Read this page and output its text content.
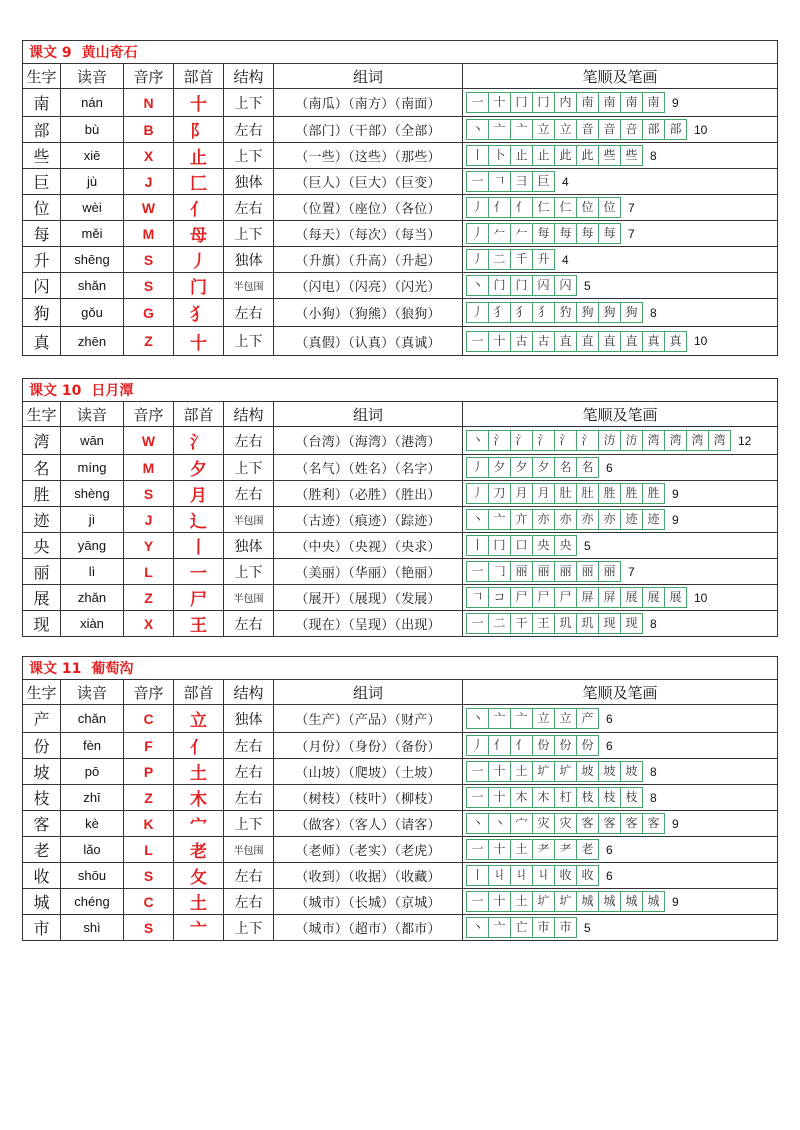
课文 9 黄山奇石						
生字	读音	音序	部首	结构	组词	笔顺及笔画
南	nán	N	十	上下	（南瓜）（南方）（南面）	一 十 冂 冂 内 南 南 南 南 9
部	bù	B	阝	左右	（部门）（干部）（全部）	丶 亠 亠 立 立 音 音 咅 部 部 10
些	xiē	X	止	上下	（一些）（这些）（那些）	丨 卜 止 止 此 此 些 些 8
巨	jù	J	匚	独体	（巨人）（巨大）（巨变）	一 𠃍 彐 巨 4
位	wèi	W	亻	左右	（位置）（座位）（各位）	丿 亻 亻 仁 仁 位 位 7
每	měi	M	母	上下	（每天）（每次）（每当）	丿 𠂉 𠂉 每 每 每 每 7
升	shēng	S	丿	独体	（升旗）（升高）（升起）	丿 二 千 升 4
闪	shǎn	S	门	半包围	（闪电）（闪亮）（闪光）	丶 门 门 闪 闪 5
狗	gǒu	G	犭	左右	（小狗）（狗熊）（狼狗）	丿 犭 犭 犭 犳 狗 狗 狗 8
真	zhēn	Z	十	上下	（真假）（认真）（真诚）	一 十 古 古 直 直 直 直 真 真 10
课文 10 日月潭						
生字	读音	音序	部首	结构	组词	笔顺及笔画
湾	wān	W	氵	左右	（台湾）（海湾）（港湾）	丶 氵 氵 氵 氵 氵 汸 汸 湾 湾 湾 湾 12
名	míng	M	夕	上下	（名气）（姓名）（名字）	丿 夕 夕 夕 名 名 6
胜	shèng	S	月	左右	（胜利）（必胜）（胜出）	丿 刀 月 月 肚 肚 胜 胜 胜 9
迹	jì	J	辶	半包围	（古迹）（痕迹）（踪迹）	丶 亠 亣 亦 亦 亦 亦 迹 迹 9
央	yāng	Y	丨	独体	（中央）（央视）（央求）	丨 冂 口 央 央 5
丽	lì	L	一	上下	（美丽）（华丽）（艳丽）	一 𠃌 丽 丽 丽 丽 丽 7
展	zhǎn	Z	尸	半包围	（展开）（展现）（发展）	𠃍 コ 尸 尸 尸 屏 屏 展 展 展 10
现	xiàn	X	王	左右	（现在）（呈现）（出现）	一 二 干 王 玑 玑 现 现 8
课文 11 葡萄沟						
生字	读音	音序	部首	结构	组词	笔顺及笔画
产	chǎn	C	立	独体	（生产）（产品）（财产）	丶 亠 亠 立 立 产 6
份	fèn	F	亻	左右	（月份）（身份）（备份）	丿 亻 亻 份 份 份 6
坡	pō	P	土	左右	（山坡）（爬坡）（土坡）	一 十 土 圹 圹 坡 坡 坡 8
枝	zhī	Z	木	左右	（树枝）（枝叶）（柳枝）	一 十 木 木 朾 枝 枝 枝 8
客	kè	K	宀	上下	（做客）（客人）（请客）	丶 丶 宀 灾 灾 客 客 客 客 9
老	lǎo	L	老	半包围	（老师）（老实）（老虎）	一 十 土 耂 耂 老 6
收	shōu	S	攵	左右	（收到）（收据）（收藏）	丨 丩 丩 丩 收 收 6
城	chéng	C	土	左右	（城市）（长城）（京城）	一 十 土 圹 圹 城 城 城 城 9
市	shì	S	亠	上下	（城市）（超市）（都市）	丶 亠 亡 市 市 5
